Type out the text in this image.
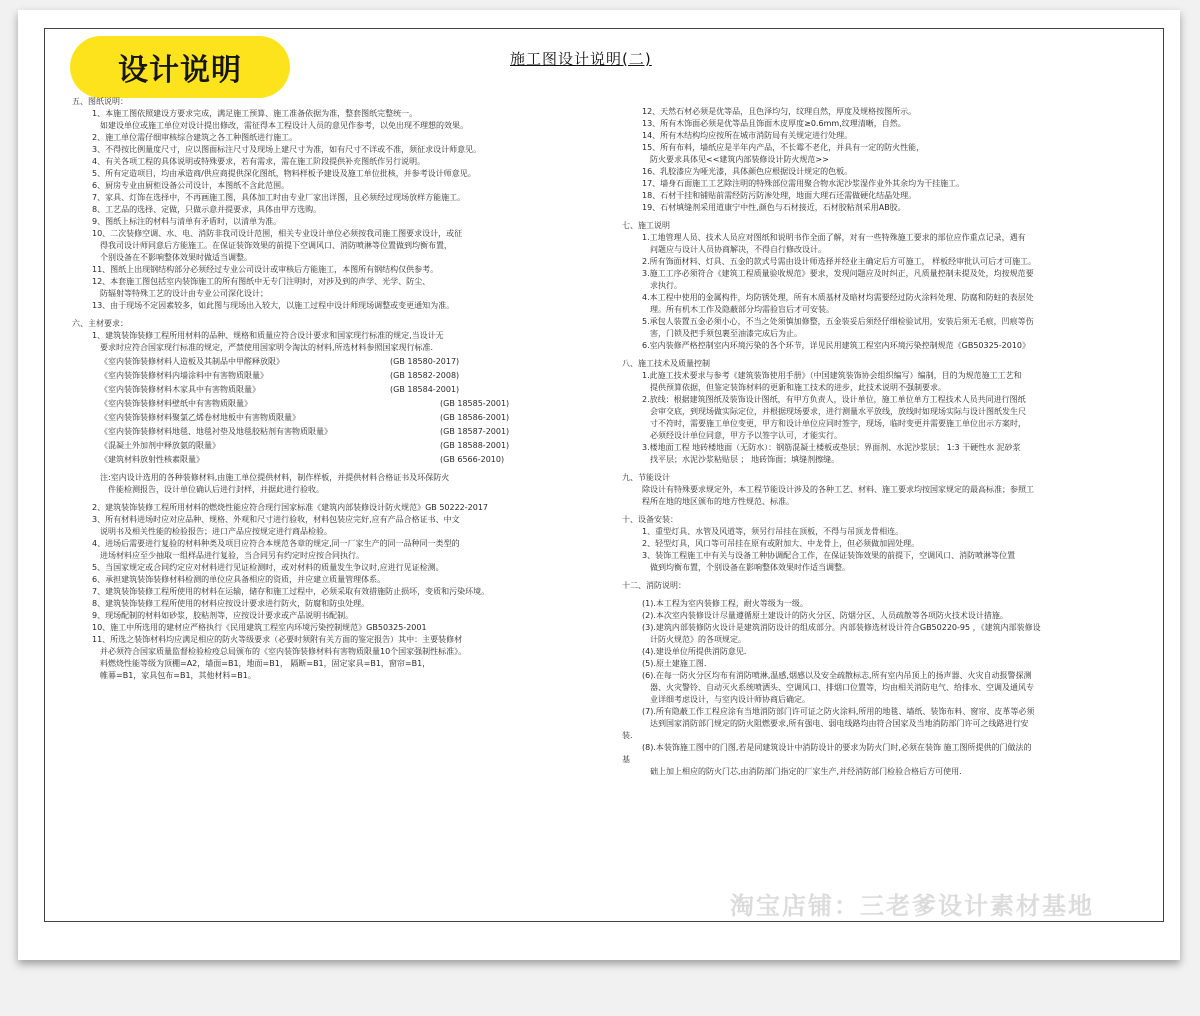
设计说明	施工图设计说明(二)
五、图纸说明：
1、本施工图依照建设方要求完成，满足施工预算、施工准备依据为准，整套图纸完整统一。
如建设单位或施工单位对设计提出修改，需征得本工程设计人员的意见作参考，以免出现不理想的效果。
2、施工单位需仔细审核综合建筑之各工种图纸进行施工。
3、不得按比例量度尺寸，应以图面标注尺寸及现场上建尺寸为准，如有尺寸不详或不准，须征求设计师意见。
4、有关各项工程的具体说明或特殊要求，若有需求，需在施工阶段提供补充图纸作另行说明。
5、所有定造项目，均由承造商/供应商提供深化图纸，物料样板予建设及施工单位批核，并参考设计师意见。
6、厨房专业由厨柜设备公司设计，本图纸不含此范围。
7、家具、灯饰在选择中，不再画施工图，具体加工时由专业厂家出详图，且必须经过现场放样方能施工。
8、工艺品的选择、定做，只做示意并提要求，具体由甲方选购。
9、图纸上标注的材料与清单有矛盾时，以清单为准。
10、二次装修空调、水、电、消防非我司设计范围，相关专业设计单位必须按我司施工图要求设计，或征
得我司设计师同意后方能施工。在保证装饰效果的前提下空调风口、消防喷淋等位置做到均衡布置，
个别设备在不影响整体效果时做适当调整。
11、图纸上出现钢结构部分必须经过专业公司设计或审核后方能施工，本图所有钢结构仅供参考。
12、本套施工图包括室内装饰施工的所有图纸中无专门注明时，对涉及到的声学、光学、防尘、
防辐射等特殊工艺的设计由专业公司深化设计；
13、由于现场不定因素较多，如此图与现场出入较大，以施工过程中设计师现场调整或变更通知为准。
六、主材要求：
1、建筑装饰装修工程所用材料的品种、规格和质量应符合设计要求和国家现行标准的规定,当设计无
要求时应符合国家现行标准的规定，严禁使用国家明令淘汰的材料,所选材料参照国家现行标准.
《室内装饰装修材料人造板及其制品中甲醛释放限》	(GB 18580-2017)
《室内装饰装修材料内墙涂料中有害物质限量》	(GB 18582-2008)
《室内装饰装修材料木家具中有害物质限量》	(GB 18584-2001)
《室内装饰装修材料壁纸中有害物质限量》	(GB 18585-2001)
《室内装饰装修材料聚氯乙烯卷材地板中有害物质限量》	(GB 18586-2001)
《室内装饰装修材料地毯、地毯衬垫及地毯胶粘剂有害物质限量》	(GB 18587-2001)
《混凝土外加剂中释放氨的限量》	(GB 18588-2001)
《建筑材料放射性核素限量》	(GB 6566-2010)
注:室内设计选用的各种装修材料,由施工单位提供材料，制作样板，并提供材料合格证书及环保防火
件能检测报告，设计单位确认后进行封样，并据此进行验收。
2、建筑装饰装修工程所用材料的燃烧性能应符合现行国家标准《建筑内部装修设计防火规范》GB 50222-2017
3、所有材料进场时应对应品种、规格、外观和尺寸进行验收，材料包装应完好,应有产品合格证书、中文
说明书及相关性能的检验报告；进口产品应按规定进行商品检验。
4、进场后需要进行复验的材料种类及项目应符合本规范各章的规定,同一厂家生产的同一品种同一类型的
进场材料应至少抽取一组样品进行复验，当合同另有约定时应按合同执行。
5、当国家规定或合同约定应对材料进行见证检测时，或对材料的质量发生争议时,应进行见证检测。
6、承担建筑装饰装修材料检测的单位应具备相应的资质，并应建立质量管理体系。
7、建筑装饰装修工程所使用的材料在运输，储存和施工过程中，必须采取有效措施防止损坏，变质和污染环境。
8、建筑装饰装修工程所使用的材料应按设计要求进行防火，防腐和防虫处理。
9、现场配制的材料如砂浆，胶粘剂等，应按设计要求或产品说明书配制。
10、施工中所选用的建材应严格执行《民用建筑工程室内环境污染控制规范》GB50325-2001
11、所选之装饰材料均应满足相应的防火等级要求（必要时须附有关方面的鉴定报告）其中：主要装修材
并必须符合国家质量监督检验检疫总局颁布的《室内装饰装修材料有害物质限量10个国家强制性标准》。
料燃烧性能等级为顶棚=A2，墙面=B1，地面=B1， 隔断=B1，固定家具=B1，窗帘=B1，
帷幕=B1，家具包布=B1，其他材料=B1。
12、天然石材必须是优等品，且色泽均匀，纹理自然，厚度及规格按图所示。
13、所有木饰面必须是优等品且饰面木皮厚度≥0.6mm,纹理清晰，自然。
14、所有木结构均应按所在城市消防局有关规定进行处理。
15、所有布料，墙纸应是半年内产品，不长霉不老化，并具有一定的防火性能，
防火要求具体见<<建筑内部装修设计防火规范>>
16、乳胶漆应为哑光漆，具体颜色应根据设计规定的色板。
17、墙身石面施工工艺除注明的特殊部位需用聚合物水泥沙浆湿作业外其余均为干挂施工。
18、石材干挂和铺贴前需经防污防渗处理，地面大理石还需做硬化结晶处理。
19、石材填缝剂采用道康宁中性,颜色与石材接近，石材胶粘剂采用AB胶。
七、施工说明
1.工地管理人员、技术人员应对图纸和说明书作全面了解，对有一些特殊施工要求的部位应作重点记录，遇有
问题应与设计人员协商解决，不得自行修改设计。
2.所有饰面材料、灯具、五金的款式号需由设计师选择并经业主确定后方可施工， 样板经审批认可后才可施工。
3.施工工序必须符合《建筑工程质量验收规范》要求，发现问题应及时纠正，凡质量控制未提及处，均按规范要
求执行。
4.本工程中使用的金属构件，均防锈处理，所有木质基材及暗材均需要经过防火涂料处理、防腐和防蛀的表层处
理。所有机木工作及隐蔽部分均需验盲后才可安装。
5.承包人装置五金必须小心，不当之处须慎加修整，五金装妥后须经仔细检验试用，安装后须无毛痕，凹痕等伤
害，门锁及把手须包裹至油漆完成后为止。
6.室内装修严格控制室内环境污染的各个环节，详见民用建筑工程室内环境污染控制规范《GB50325-2010》
八、施工技术及质量控制
1.此施工技术要求与参考《建筑装饰使用手册》（中国建筑装饰协会组织编写）编制，目的为规范施工工艺和
提供预算依据，但鉴定装饰材料的更新和施工技术的进步，此技术说明不强制要求。
2.放线：根据建筑图纸及装饰设计图纸，有甲方负责人，设计单位，施工单位单方工程技术人员共同进行图纸
会审交底，到现场做实际定位，并根据现场要求，进行测量水平放线，放线时如现场实际与设计图纸发生尺
寸不符时，需要施工单位变更，甲方和设计单位应同时签字，现场，临时变更并需要施工单位出示方案时，
必须经设计单位同意，甲方予以签字认可，才能实行。
3.楼地面工程 地砖楼地面（无防水）：钢筋混凝土楼板或垫层；界面剂、水泥沙浆层； 1:3 干硬性水 泥砂浆
找平层；水泥沙浆粘贴层 ； 地砖饰面；填缝剂擦缝。
九、节能设计
除设计有特殊要求规定外，本工程节能设计涉及的各种工艺、材料、施工要求均按国家规定的最高标准；参照工
程所在地的地区颁布的地方性规范、标准。
十、设备安装：
1、重型灯具、水管及风道等，须另行吊挂在顶板，不得与吊顶龙骨相连。
2、轻型灯具，风口等可吊挂在原有或附加大、中龙骨上，但必须做加固处理。
3、装饰工程施工中有关与设备工种协调配合工作，在保证装饰效果的前提下，空调风口、消防喷淋等位置
做到均衡布置，个别设备在影响整体效果时作适当调整。
十二、消防说明：
(1).本工程为室内装修工程，耐火等级为一级。
(2).本次室内装修设计尽量遵循原土建设计的防火分区、防烟分区、人员疏散等各项防火技术设计措施。
(3).建筑内部装修防火设计是建筑消防设计的组成部分。内部装修选材设计符合GB50220-95 ，《建筑内部装修设
计防火规范》的各项规定。
(4).建设单位所提供消防意见.
(5).原土建施工图.
(6).在每一防火分区均布有消防喷淋,温感,烟感以及安全疏散标志,所有室内吊顶上的扬声器、火灾自动报警探测
器、火灾警铃、自动灭火系统喷洒头、空调风口、排烟口位置等，均由相关消防电气、给排水、空调及通风专
业详细考虑设计，与室内设计师协商后确定。
(7).所有隐蔽工作工程应涂有当地消防部门许可证之防火涂料,所用的地毯、墙纸、装饰布料、窗帘、皮革等必须
达到国家消防部门规定的防火阻燃要求,所有强电、弱电线路均由符合国家及当地消防部门许可之线路进行安
装.
(8).本装饰施工图中的门图,若是同建筑设计中消防设计的要求为防火门时,必须在装饰 施工图所提供的门做法的
基
础上加上相应的防火门芯,由消防部门指定的厂家生产,并经消防部门检验合格后方可使用.
淘宝店铺：三老爹设计素材基地
